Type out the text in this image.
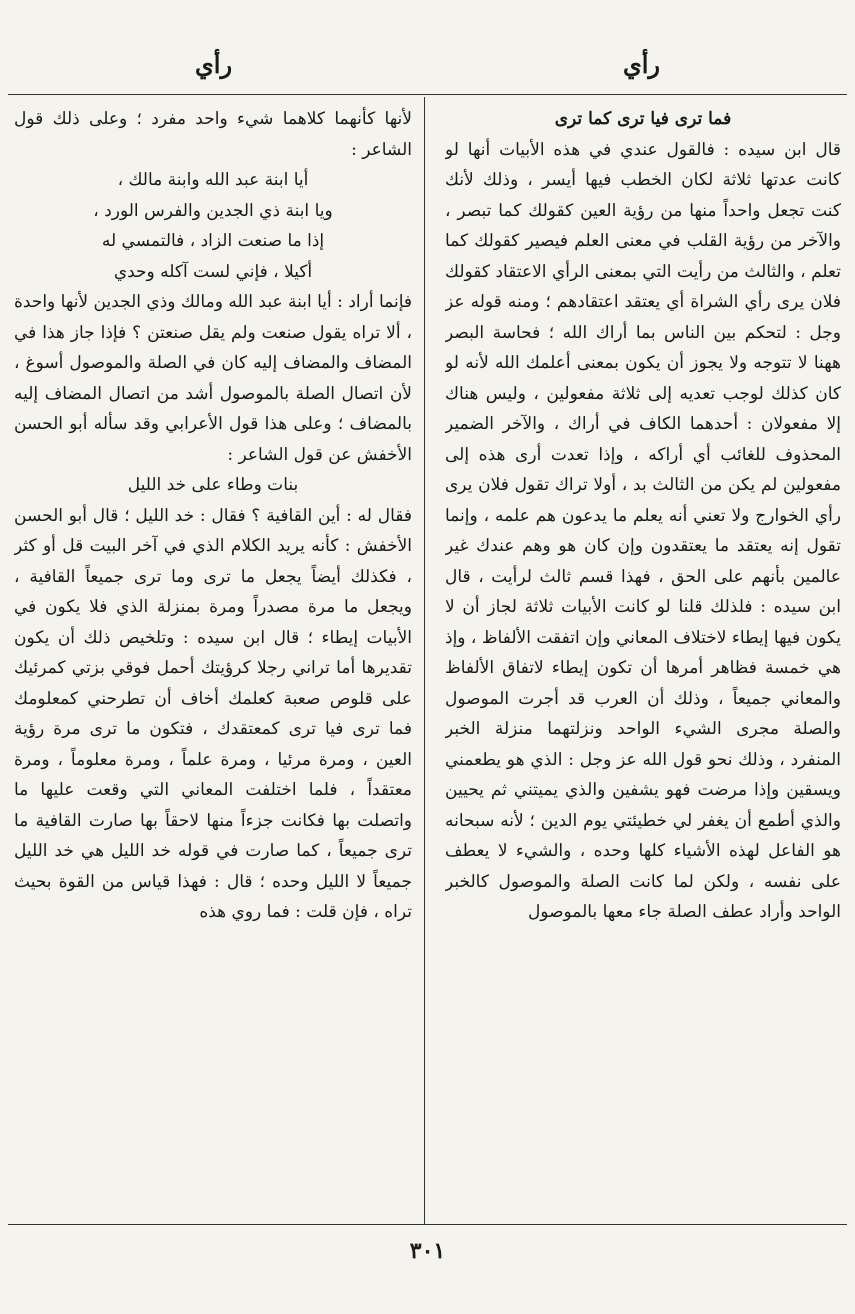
رأي
رأي

فما ترى فيا ترى كما ترى

قال ابن سيده : فالقول عندي في هذه الأبيات أنها لو كانت عدتها ثلاثة لكان الخطب فيها أيسر ، وذلك لأنك كنت تجعل واحداً منها من رؤية العين كقولك كما تبصر ، والآخر من رؤية القلب في معنى العلم فيصير كقولك كما تعلم ، والثالث من رأيت التي بمعنى الرأي الاعتقاد كقولك فلان يرى رأي الشراة أي يعتقد اعتقادهم ؛ ومنه قوله عز وجل : لتحكم بين الناس بما أراك الله ؛ فحاسة البصر ههنا لا تتوجه ولا يجوز أن يكون بمعنى أعلمك الله لأنه لو كان كذلك لوجب تعديه إلى ثلاثة مفعولين ، وليس هناك إلا مفعولان : أحدهما الكاف في أراك ، والآخر الضمير المحذوف للغائب أي أراكه ، وإذا تعدت أرى هذه إلى مفعولين لم يكن من الثالث بد ، أولا تراك تقول فلان يرى رأي الخوارج ولا تعني أنه يعلم ما يدعون هم علمه ، وإنما تقول إنه يعتقد ما يعتقدون وإن كان هو وهم عندك غير عالمين بأنهم على الحق ، فهذا قسم ثالث لرأيت ، قال ابن سيده : فلذلك قلنا لو كانت الأبيات ثلاثة لجاز أن لا يكون فيها إيطاء لاختلاف المعاني وإن اتفقت الألفاظ ، وإذ هي خمسة فظاهر أمرها أن تكون إيطاء لاتفاق الألفاظ والمعاني جميعاً ، وذلك أن العرب قد أجرت الموصول والصلة مجرى الشيء الواحد ونزلتهما منزلة الخبر المنفرد ، وذلك نحو قول الله عز وجل : الذي هو يطعمني ويسقين وإذا مرضت فهو يشفين والذي يميتني ثم يحيين والذي أطمع أن يغفر لي خطيئتي يوم الدين ؛ لأنه سبحانه هو الفاعل لهذه الأشياء كلها وحده ، والشيء لا يعطف على نفسه ، ولكن لما كانت الصلة والموصول كالخبر الواحد وأراد عطف الصلة جاء معها بالموصول

لأنها كأنهما كلاهما شيء واحد مفرد ؛ وعلى ذلك قول الشاعر :

أيا ابنة عبد الله وابنة مالك ،

ويا ابنة ذي الجدين والفرس الورد ،

إذا ما صنعت الزاد ، فالتمسي له

أكيلا ، فإني لست آكله وحدي

فإنما أراد : أيا ابنة عبد الله ومالك وذي الجدين لأنها واحدة ، ألا تراه يقول صنعت ولم يقل صنعتن ؟ فإذا جاز هذا في المضاف والمضاف إليه كان في الصلة والموصول أسوغ ، لأن اتصال الصلة بالموصول أشد من اتصال المضاف إليه بالمضاف ؛ وعلى هذا قول الأعرابي وقد سأله أبو الحسن الأخفش عن قول الشاعر :

بنات وطاء على خد الليل

فقال له : أين القافية ؟ فقال : خد الليل ؛ قال أبو الحسن الأخفش : كأنه يريد الكلام الذي في آخر البيت قل أو كثر ، فكذلك أيضاً يجعل ما ترى وما ترى جميعاً القافية ، ويجعل ما مرة مصدراً ومرة بمنزلة الذي فلا يكون في الأبيات إيطاء ؛ قال ابن سيده : وتلخيص ذلك أن يكون تقديرها أما تراني رجلا كرؤيتك أحمل فوقي بزتي كمرئيك على قلوص صعبة كعلمك أخاف أن تطرحني كمعلومك فما ترى فيا ترى كمعتقدك ، فتكون ما ترى مرة رؤية العين ، ومرة مرئيا ، ومرة علماً ، ومرة معلوماً ، ومرة معتقداً ، فلما اختلفت المعاني التي وقعت عليها ما واتصلت بها فكانت جزءاً منها لاحقاً بها صارت القافية ما ترى جميعاً ، كما صارت في قوله خد الليل هي خد الليل جميعاً لا الليل وحده ؛ قال : فهذا قياس من القوة بحيث تراه ، فإن قلت : فما روي هذه

٣٠١
